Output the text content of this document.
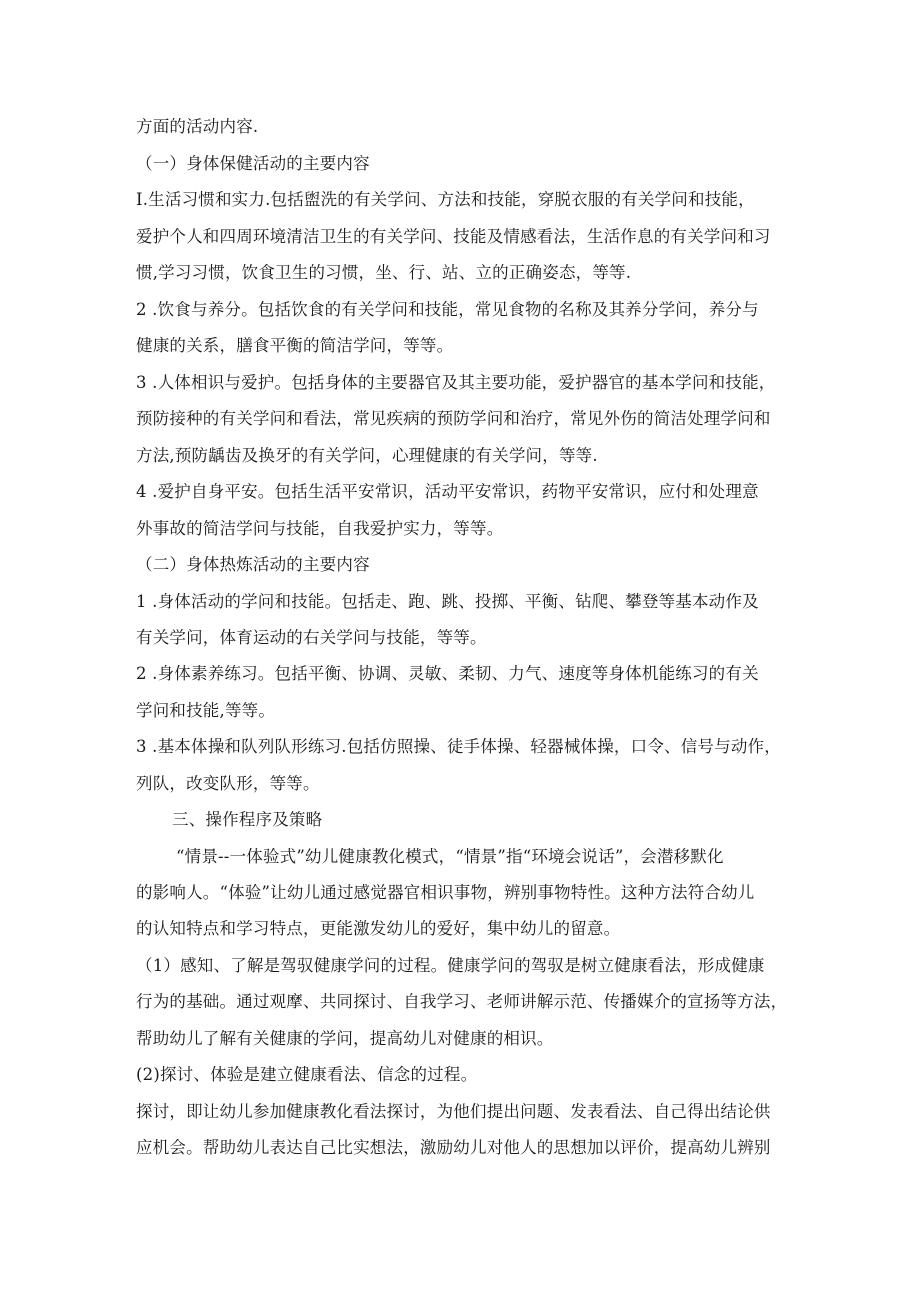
方面的活动内容.
（一）身体保健活动的主要内容
I.生活习惯和实力.包括盥洗的有关学问、方法和技能，穿脱衣服的有关学问和技能，
爱护个人和四周环境清洁卫生的有关学问、技能及情感看法，生活作息的有关学问和习
惯,学习习惯，饮食卫生的习惯，坐、行、站、立的正确姿态，等等.
2 .饮食与养分。包括饮食的有关学问和技能，常见食物的名称及其养分学问，养分与
健康的关系，膳食平衡的简洁学问，等等。
3 .人体相识与爱护。包括身体的主要器官及其主要功能，爱护器官的基本学问和技能，
预防接种的有关学问和看法，常见疾病的预防学问和治疗，常见外伤的简洁处理学问和
方法,预防龋齿及换牙的有关学问，心理健康的有关学问，等等.
4 .爱护自身平安。包括生活平安常识，活动平安常识，药物平安常识，应付和处理意
外事故的简洁学问与技能，自我爱护实力，等等。
（二）身体热炼活动的主要内容
1 .身体活动的学问和技能。包括走、跑、跳、投掷、平衡、钻爬、攀登等基本动作及
有关学问，体育运动的右关学问与技能，等等。
2 .身体素养练习。包括平衡、协调、灵敏、柔韧、力气、速度等身体机能练习的有关
学问和技能,等等。
3 .基本体操和队列队形练习.包括仿照操、徒手体操、轻器械体操，口令、信号与动作，
列队，改变队形，等等。
三、操作程序及策略
“情景--一体验式”幼儿健康教化模式，“情景”指“环境会说话”，会潜移默化
的影响人。“体验”让幼儿通过感觉器官相识事物，辨别事物特性。这种方法符合幼儿
的认知特点和学习特点，更能激发幼儿的爱好，集中幼儿的留意。
（1）感知、了解是驾驭健康学问的过程。健康学问的驾驭是树立健康看法，形成健康
行为的基础。通过观摩、共同探讨、自我学习、老师讲解示范、传播媒介的宣扬等方法，
帮助幼儿了解有关健康的学问，提高幼儿对健康的相识。
(2)探讨、体验是建立健康看法、信念的过程。
探讨，即让幼儿参加健康教化看法探讨，为他们提出问题、发表看法、自己得出结论供
应机会。帮助幼儿表达自己比实想法，激励幼儿对他人的思想加以评价，提高幼儿辨别
